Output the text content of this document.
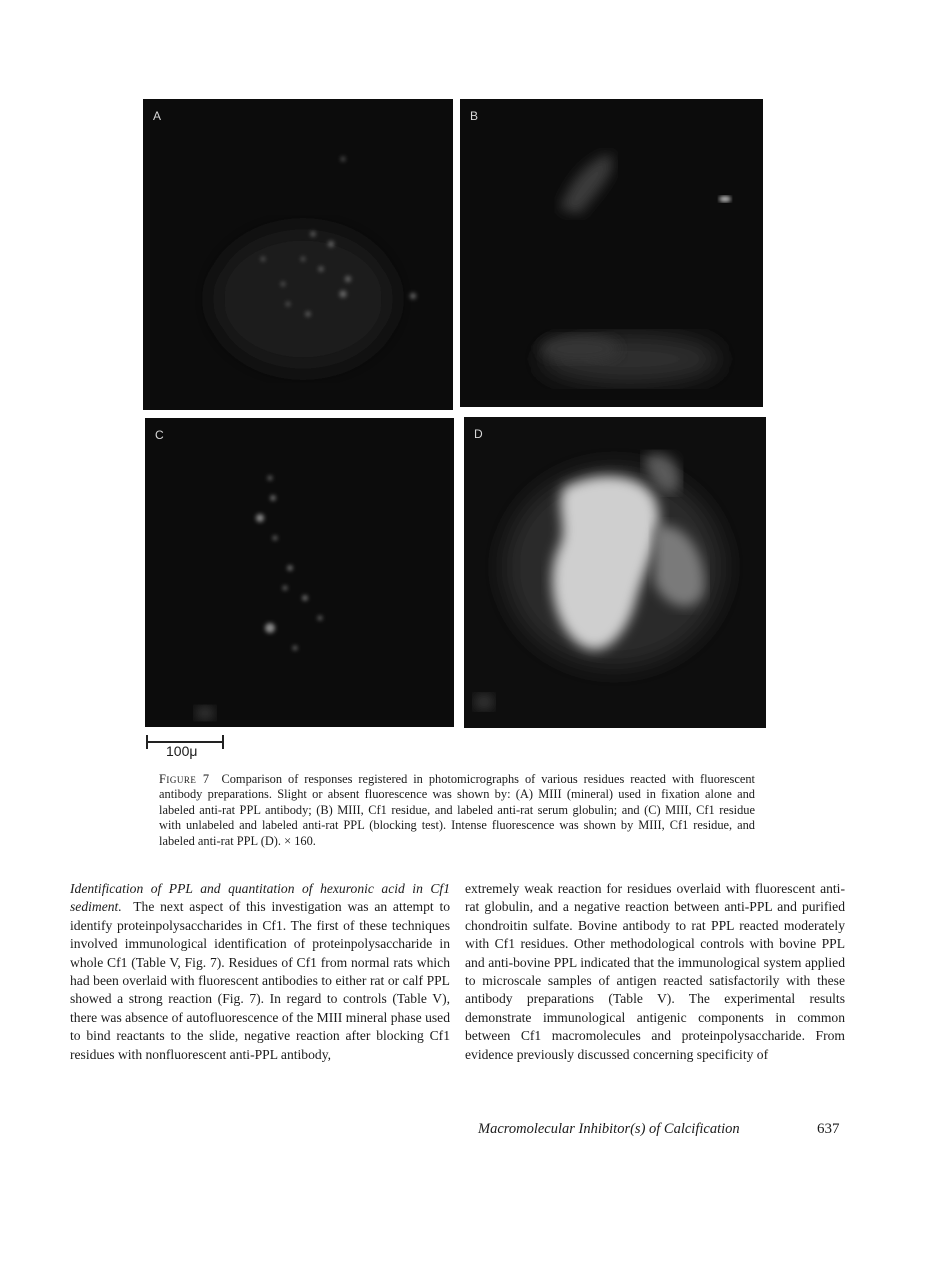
A	B
C	D
100μ
Figure 7 Comparison of responses registered in photomicrographs of various residues reacted with fluorescent antibody preparations. Slight or absent fluorescence was shown by: (A) MIII (mineral) used in fixation alone and labeled anti-rat PPL antibody; (B) MIII, Cf1 residue, and labeled anti-rat serum globulin; and (C) MIII, Cf1 residue with unlabeled and labeled anti-rat PPL (blocking test). Intense fluorescence was shown by MIII, Cf1 residue, and labeled anti-rat PPL (D). × 160.

Identification of PPL and quantitation of hexuronic acid in Cf1 sediment. The next aspect of this investigation was an attempt to identify proteinpolysaccharides in Cf1. The first of these techniques involved immunological identification of proteinpolysaccharide in whole Cf1 (Table V, Fig. 7). Residues of Cf1 from normal rats which had been overlaid with fluorescent antibodies to either rat or calf PPL showed a strong reaction (Fig. 7). In regard to controls (Table V), there was absence of autofluorescence of the MIII mineral phase used to bind reactants to the slide, negative reaction after blocking Cf1 residues with nonfluorescent anti-PPL antibody,

extremely weak reaction for residues overlaid with fluorescent anti-rat globulin, and a negative reaction between anti-PPL and purified chondroitin sulfate. Bovine antibody to rat PPL reacted moderately with Cf1 residues. Other methodological controls with bovine PPL and anti-bovine PPL indicated that the immunological system applied to microscale samples of antigen reacted satisfactorily with these antibody preparations (Table V). The experimental results demonstrate immunological antigenic components in common between Cf1 macromolecules and proteinpolysaccharide. From evidence previously discussed concerning specificity of

Macromolecular Inhibitor(s) of Calcification	637
